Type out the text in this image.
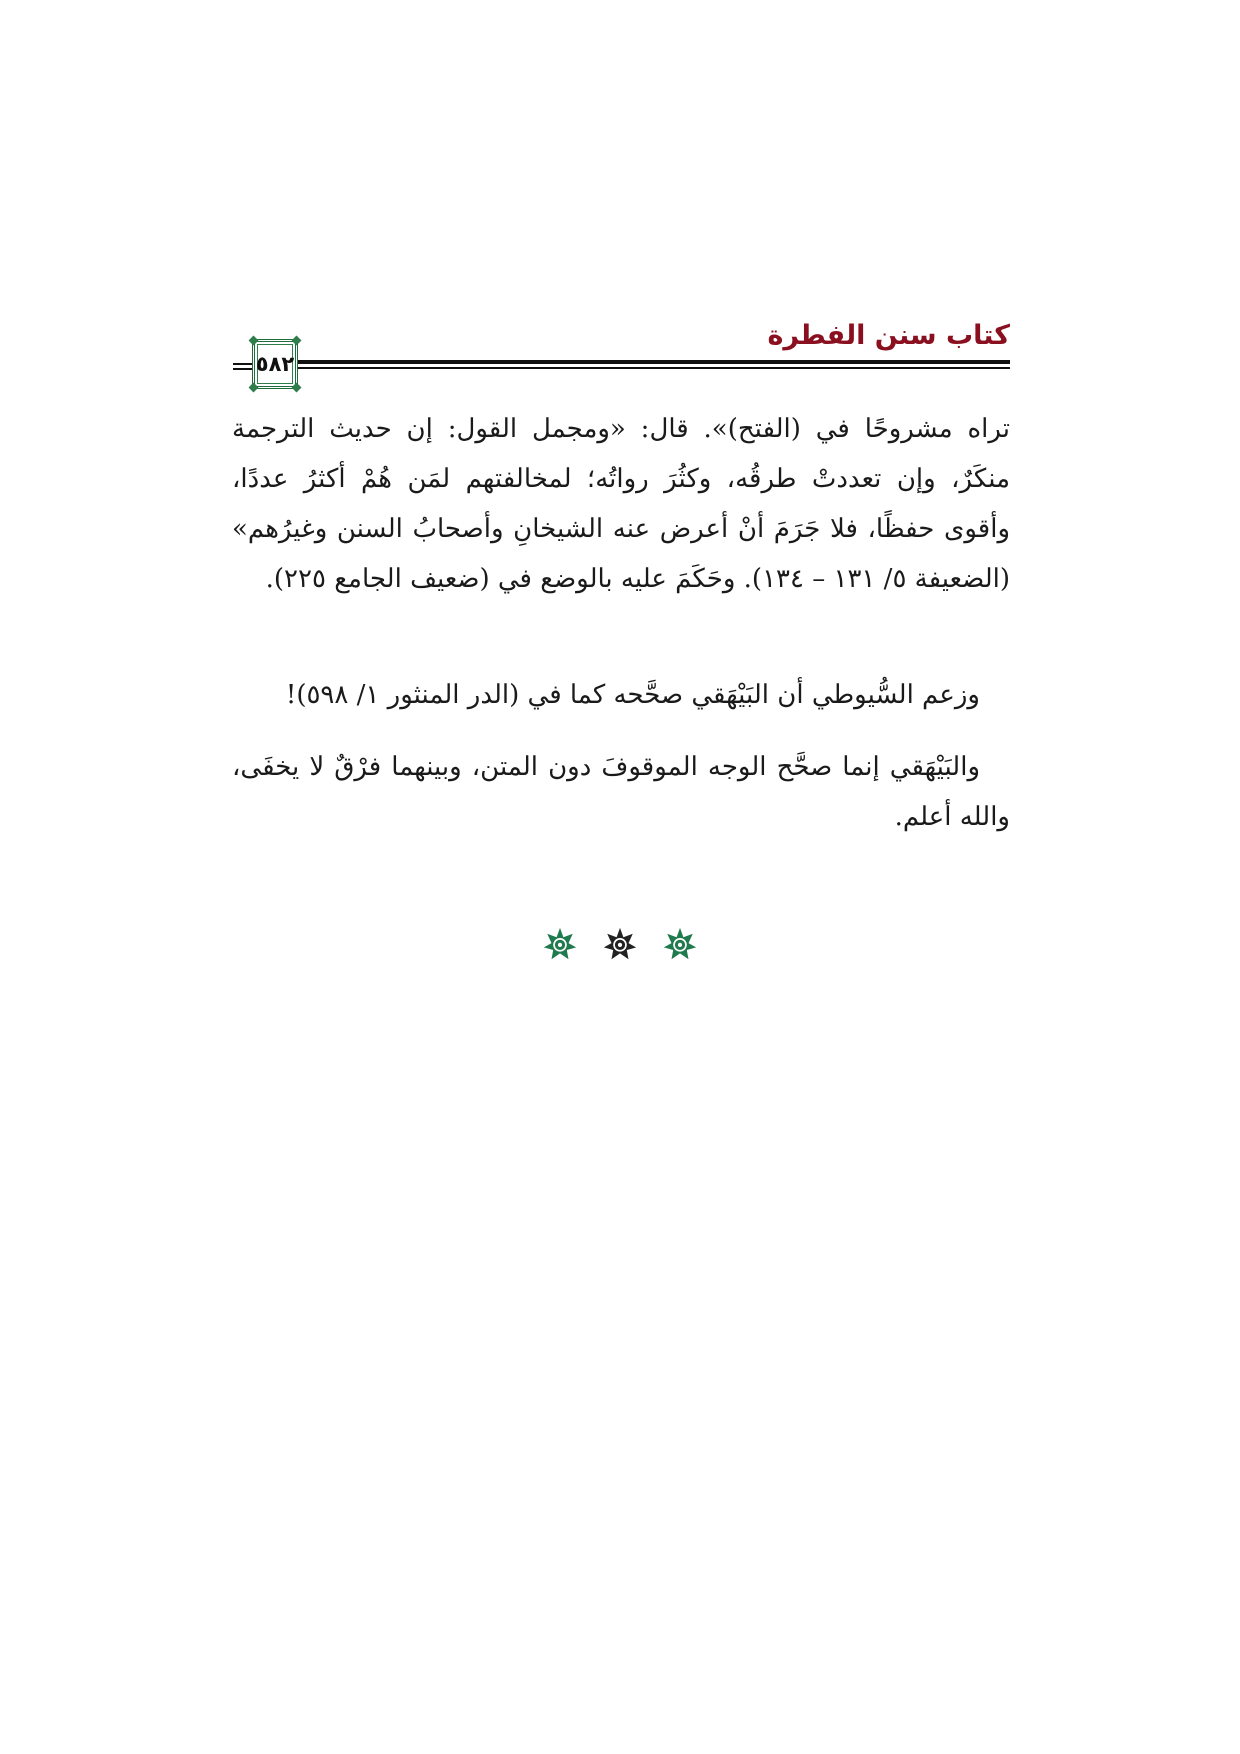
كتاب سنن الفطرة
٥٨٢

تراه مشروحًا في (الفتح)». قال: «ومجمل القول: إن حديث الترجمة منكَرٌ، وإن تعددتْ طرقُه، وكثُرَ رواتُه؛ لمخالفتهم لمَن هُمْ أكثرُ عددًا، وأقوى حفظًا، فلا جَرَمَ أنْ أعرض عنه الشيخانِ وأصحابُ السنن وغيرُهم» (الضعيفة ٥/ ١٣١ – ١٣٤). وحَكَمَ عليه بالوضع في (ضعيف الجامع ٢٢٥).

وزعم السُّيوطي أن البَيْهَقي صحَّحه كما في (الدر المنثور ١/ ٥٩٨)!

والبَيْهَقي إنما صحَّح الوجه الموقوفَ دون المتن، وبينهما فرْقٌ لا يخفَى، والله أعلم.
